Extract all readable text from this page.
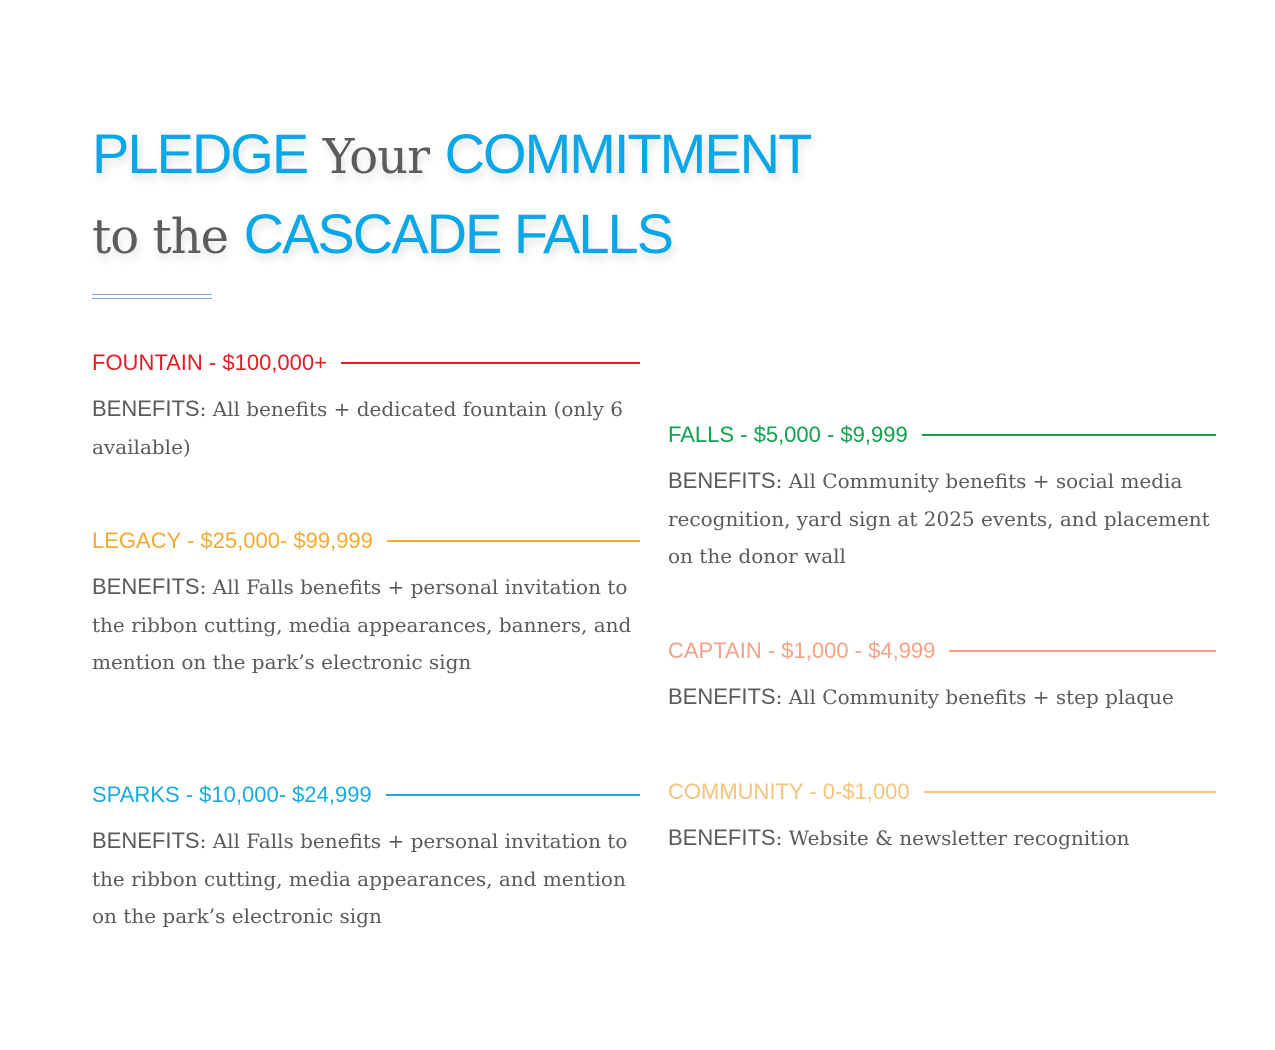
PLEDGE Your COMMITMENT
to the CASCADE FALLS
FOUNTAIN - $100,000+
BENEFITS: All benefits + dedicated fountain (only 6 available)
LEGACY - $25,000- $99,999
BENEFITS: All Falls benefits + personal invitation to the ribbon cutting, media appearances, banners, and mention on the park’s electronic sign
SPARKS - $10,000- $24,999
BENEFITS: All Falls benefits + personal invitation to the ribbon cutting, media appearances, and mention on the park’s electronic sign
FALLS - $5,000 - $9,999
BENEFITS: All Community benefits + social media recognition, yard sign at 2025 events, and placement on the donor wall
CAPTAIN - $1,000 - $4,999
BENEFITS: All Community benefits + step plaque
COMMUNITY - 0-$1,000
BENEFITS: Website & newsletter recognition
